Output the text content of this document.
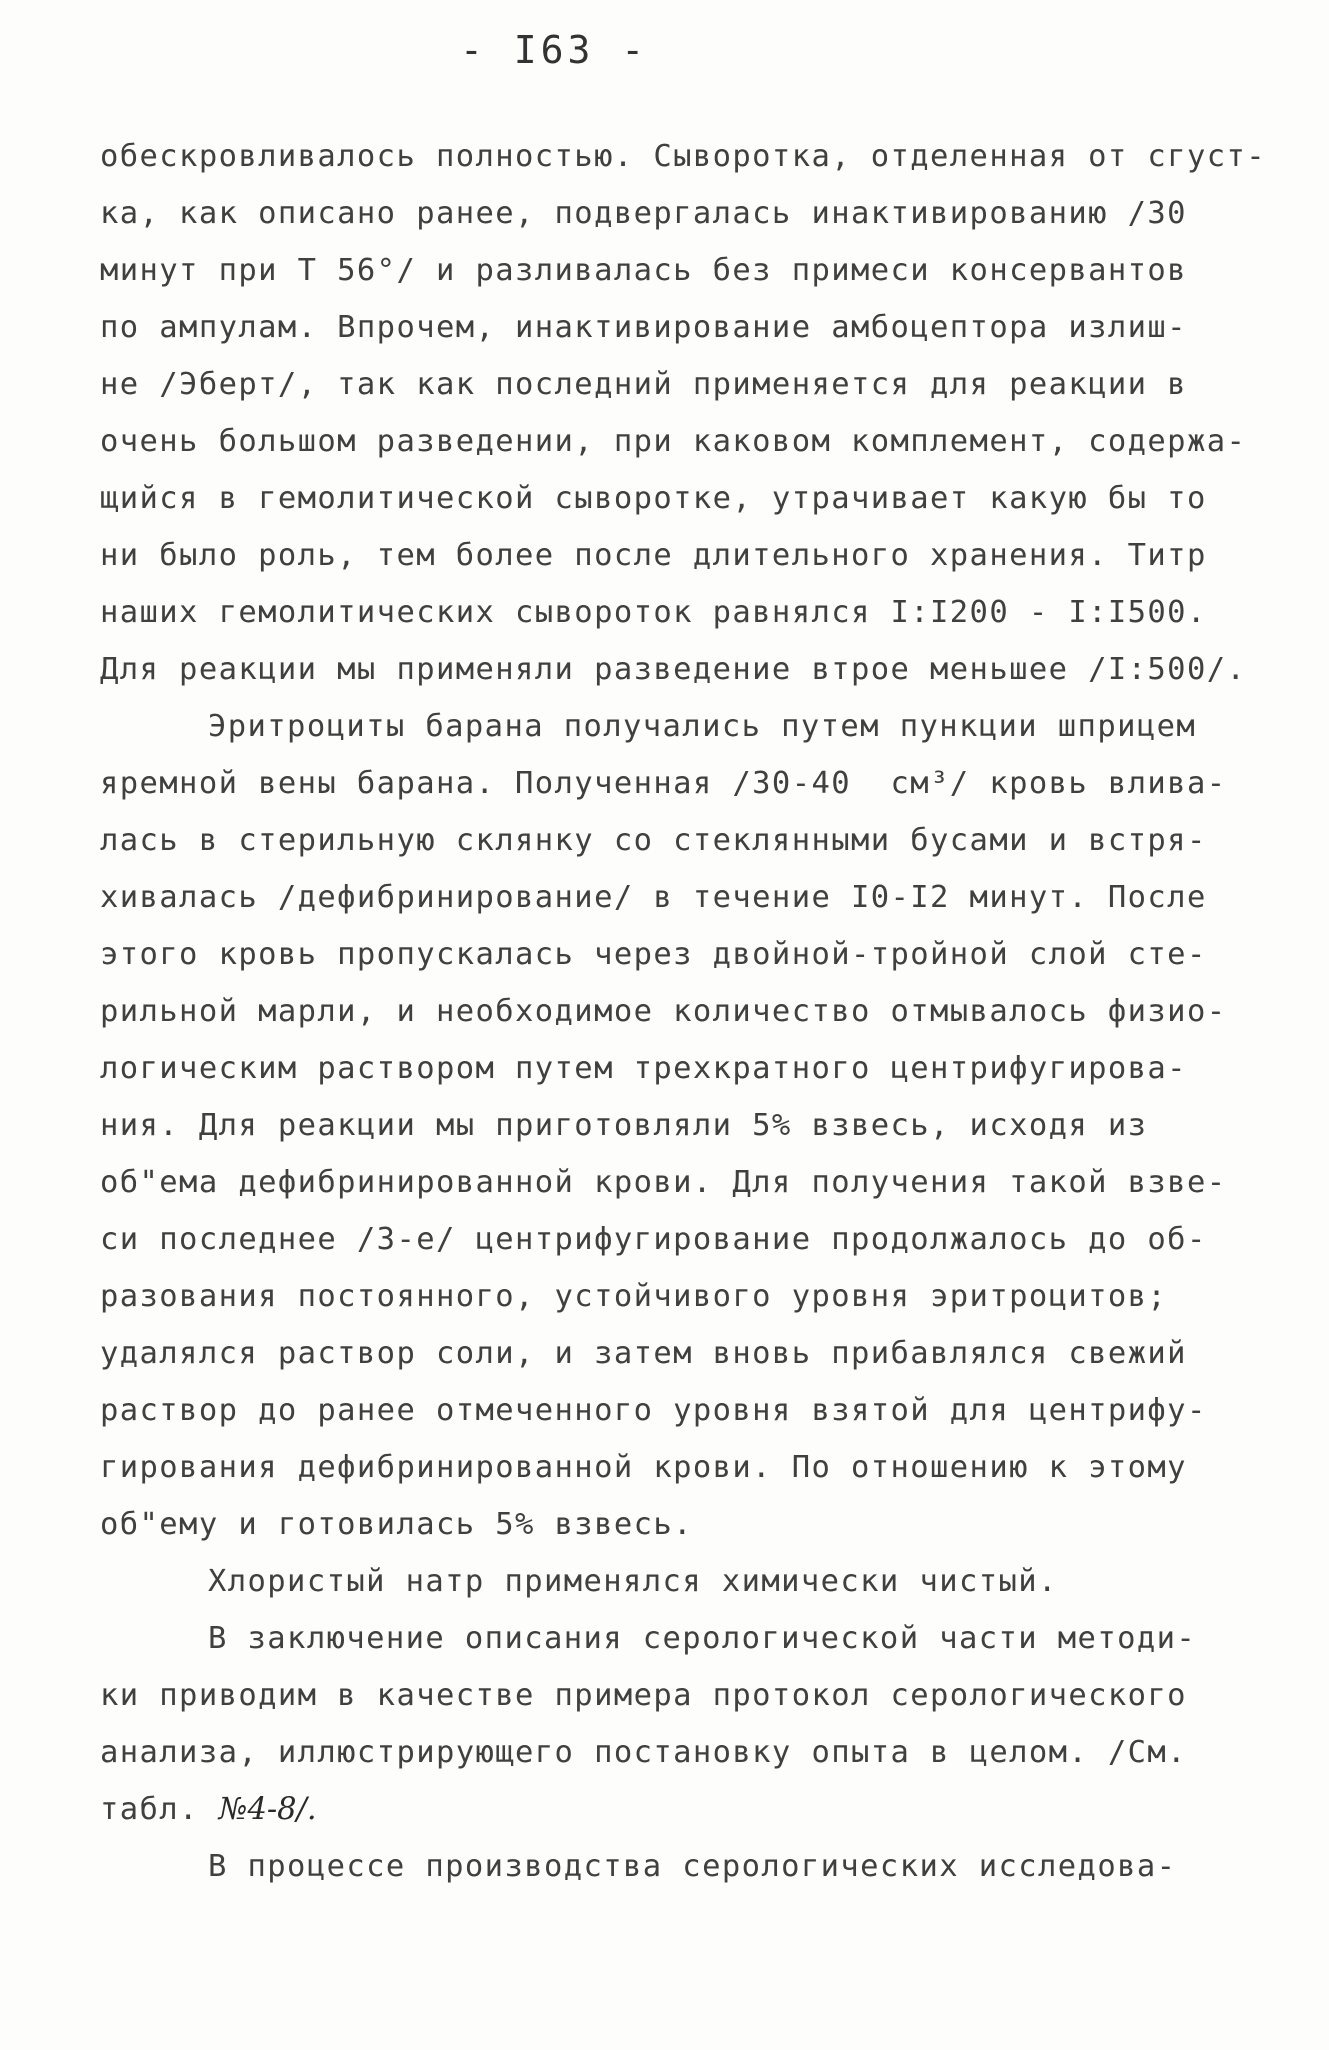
- I63 -
обескровливалось полностью. Сыворотка, отделенная от сгуст-
ка, как описано ранее, подвергалась инактивированию /30
минут при Т 56°/ и разливалась без примеси консервантов
по ампулам. Впрочем, инактивирование амбоцептора излиш-
не /Эберт/, так как последний применяется для реакции в
очень большом разведении, при каковом комплемент, содержа-
щийся в гемолитической сыворотке, утрачивает какую бы то
ни было роль, тем более после длительного хранения. Титр
наших гемолитических сывороток равнялся I:I200 - I:I500.
Для реакции мы применяли разведение втрое меньшее /I:500/.
Эритроциты барана получались путем пункции шприцем
яремной вены барана. Полученная /30-40  см³/ кровь влива-
лась в стерильную склянку со стеклянными бусами и встря-
хивалась /дефибринирование/ в течение I0-I2 минут. После
этого кровь пропускалась через двойной-тройной слой сте-
рильной марли, и необходимое количество отмывалось физио-
логическим раствором путем трехкратного центрифугирова-
ния. Для реакции мы приготовляли 5% взвесь, исходя из
об"ема дефибринированной крови. Для получения такой взве-
си последнее /3-е/ центрифугирование продолжалось до об-
разования постоянного, устойчивого уровня эритроцитов;
удалялся раствор соли, и затем вновь прибавлялся свежий
раствор до ранее отмеченного уровня взятой для центрифу-
гирования дефибринированной крови. По отношению к этому
об"ему и готовилась 5% взвесь.
Хлористый натр применялся химически чистый.
В заключение описания серологической части методи-
ки приводим в качестве примера протокол серологического
анализа, иллюстрирующего постановку опыта в целом. /См.
табл. №4-8/.
В процессе производства серологических исследова-
